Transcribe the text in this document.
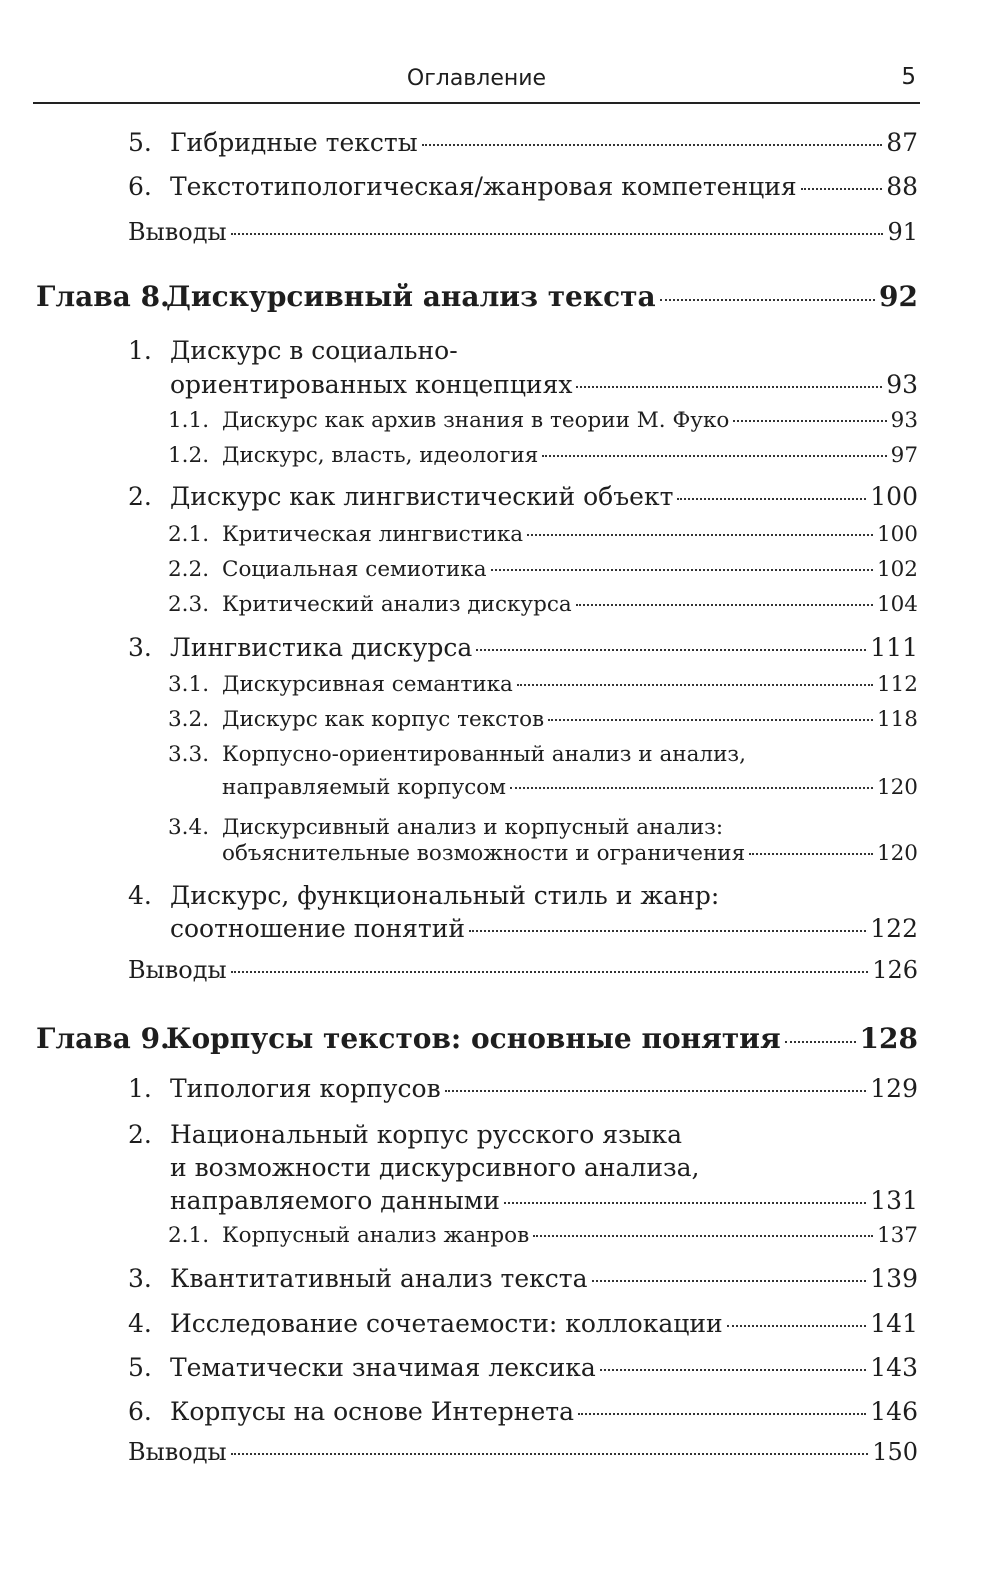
Оглавление	5
5. Гибридные тексты	87
6. Текстотипологическая/жанровая компетенция	88
Выводы	91
Глава 8.
Дискурсивный анализ текста	92
1. Дискурс в социально-
ориентированных концепциях	93
1.1. Дискурс как архив знания в теории М. Фуко	93
1.2. Дискурс, власть, идеология	97
2. Дискурс как лингвистический объект	100
2.1. Критическая лингвистика	100
2.2. Социальная семиотика	102
2.3. Критический анализ дискурса	104
3. Лингвистика дискурса	111
3.1. Дискурсивная семантика	112
3.2. Дискурс как корпус текстов	118
3.3. Корпусно-ориентированный анализ и анализ,
направляемый корпусом	120
3.4. Дискурсивный анализ и корпусный анализ:
объяснительные возможности и ограничения	120
4. Дискурс, функциональный стиль и жанр:
соотношение понятий	122
Выводы	126
Глава 9.
Корпусы текстов: основные понятия	128
1. Типология корпусов	129
2. Национальный корпус русского языка
и возможности дискурсивного анализа,
направляемого данными	131
2.1. Корпусный анализ жанров	137
3. Квантитативный анализ текста	139
4. Исследование сочетаемости: коллокации	141
5. Тематически значимая лексика	143
6. Корпусы на основе Интернета	146
Выводы	150
